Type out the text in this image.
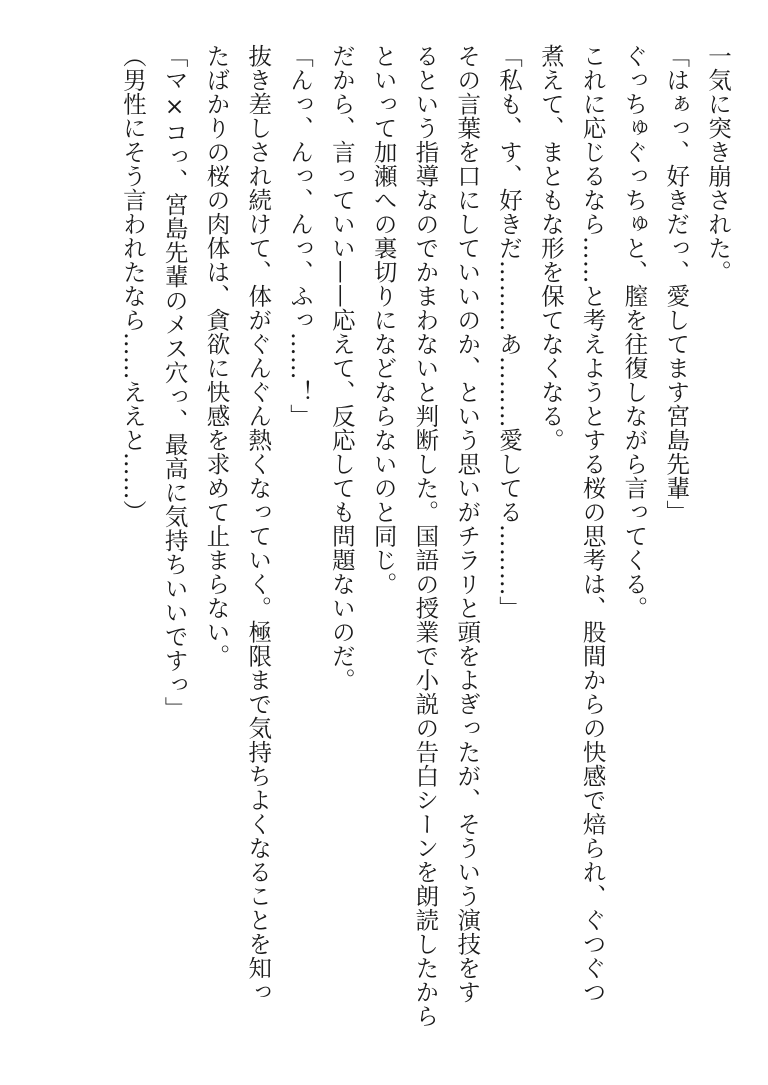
一気に突き崩された。
「はぁっ、好きだっ、愛してます宮島先輩」
ぐっちゅぐっちゅと、膣を往復しながら言ってくる。
これに応じるなら……と考えようとする桜の思考は、股間からの快感で焙られ、ぐつぐつ
煮えて、まともな形を保てなくなる。
「私も、す、好きだ………あ………愛してる………」
その言葉を口にしていいのか、という思いがチラリと頭をよぎったが、そういう演技をす
るという指導なのでかまわないと判断した。国語の授業で小説の告白シーンを朗読したから
といって加瀬への裏切りになどならないのと同じ。
だから、言っていい——応えて、反応しても問題ないのだ。
「んっ、んっ、んっ、ふっ……！」
抜き差しされ続けて、体がぐんぐん熱くなっていく。極限まで気持ちよくなることを知っ
たばかりの桜の肉体は、貪欲に快感を求めて止まらない。
「マ×コっ、宮島先輩のメス穴っ、最高に気持ちいいですっ」
（男性にそう言われたなら……ええと……）
